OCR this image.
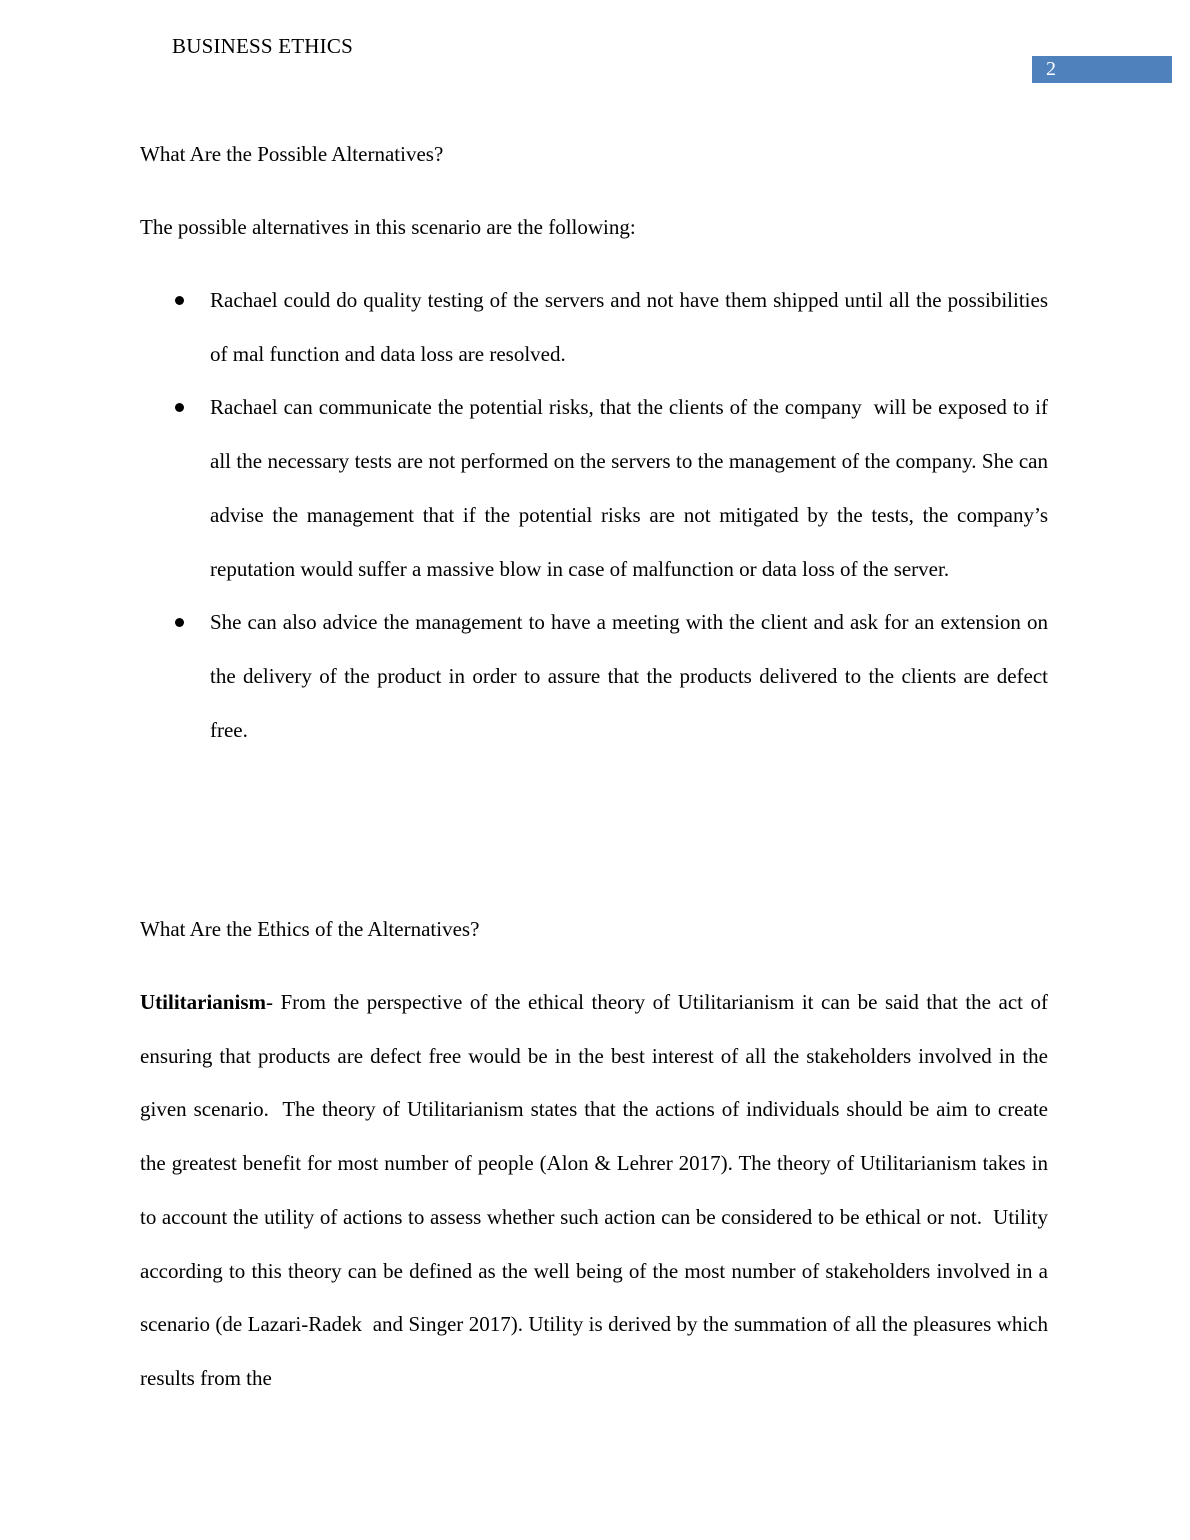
BUSINESS ETHICS
2
What Are the Possible Alternatives?
The possible alternatives in this scenario are the following:
Rachael could do quality testing of the servers and not have them shipped until all the possibilities of mal function and data loss are resolved.
Rachael can communicate the potential risks, that the clients of the company  will be exposed to if all the necessary tests are not performed on the servers to the management of the company. She can advise the management that if the potential risks are not mitigated by the tests, the company’s reputation would suffer a massive blow in case of malfunction or data loss of the server.
She can also advice the management to have a meeting with the client and ask for an extension on the delivery of the product in order to assure that the products delivered to the clients are defect free.
What Are the Ethics of the Alternatives?

Utilitarianism- From the perspective of the ethical theory of Utilitarianism it can be said that the act of ensuring that products are defect free would be in the best interest of all the stakeholders involved in the given scenario.  The theory of Utilitarianism states that the actions of individuals should be aim to create the greatest benefit for most number of people (Alon & Lehrer 2017). The theory of Utilitarianism takes in to account the utility of actions to assess whether such action can be considered to be ethical or not.  Utility according to this theory can be defined as the well being of the most number of stakeholders involved in a scenario (de Lazari-Radek  and Singer 2017). Utility is derived by the summation of all the pleasures which results from the
